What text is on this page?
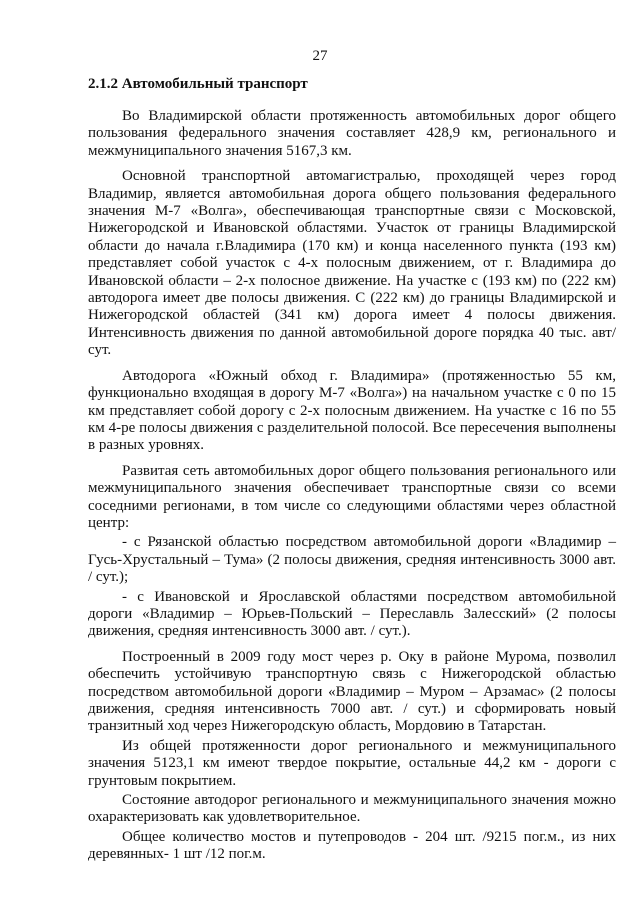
27
2.1.2 Автомобильный транспорт

Во Владимирской области протяженность автомобильных дорог общего пользования федерального значения составляет 428,9 км, регионального и межмуниципального значения 5167,3 км.

Основной транспортной автомагистралью, проходящей через город Владимир, является автомобильная дорога общего пользования федерального значения М-7 «Волга», обеспечивающая транспортные связи с Московской, Нижегородской и Ивановской областями. Участок от границы Владимирской области до начала г.Владимира (170 км) и конца населенного пункта (193 км) представляет собой участок с 4-х полосным движением, от г. Владимира до Ивановской области – 2-х полосное движение. На участке с (193 км) по (222 км) автодорога имеет две полосы движения. С (222 км) до границы Владимирской и Нижегородской областей (341 км) дорога имеет 4 полосы движения. Интенсивность движения по данной автомобильной дороге порядка 40 тыс. авт/сут.

Автодорога «Южный обход г. Владимира» (протяженностью 55 км, функционально входящая в дорогу М-7 «Волга») на начальном участке с 0 по 15 км представляет собой дорогу с 2-х полосным движением. На участке с 16 по 55 км 4-ре полосы движения с разделительной полосой. Все пересечения выполнены в разных уровнях.

Развитая сеть автомобильных дорог общего пользования регионального или межмуниципального значения обеспечивает транспортные связи со всеми соседними регионами, в том числе со следующими областями через областной центр:

- с Рязанской областью посредством автомобильной дороги «Владимир – Гусь-Хрустальный – Тума» (2 полосы движения, средняя интенсивность 3000 авт. / сут.);

- с Ивановской и Ярославской областями посредством автомобильной дороги «Владимир – Юрьев-Польский – Переславль Залесский» (2 полосы движения, средняя интенсивность 3000 авт. / сут.).

Построенный в 2009 году мост через р. Оку в районе Мурома, позволил обеспечить устойчивую транспортную связь с Нижегородской областью посредством автомобильной дороги «Владимир – Муром – Арзамас» (2 полосы движения, средняя интенсивность 7000 авт. / сут.) и сформировать новый транзитный ход через Нижегородскую область, Мордовию в Татарстан.

Из общей протяженности дорог регионального и межмуниципального значения 5123,1 км имеют твердое покрытие, остальные 44,2 км - дороги с грунтовым покрытием.

Состояние автодорог регионального и межмуниципального значения можно охарактеризовать как удовлетворительное.

Общее количество мостов и путепроводов - 204 шт. /9215 пог.м., из них деревянных- 1 шт /12 пог.м.
